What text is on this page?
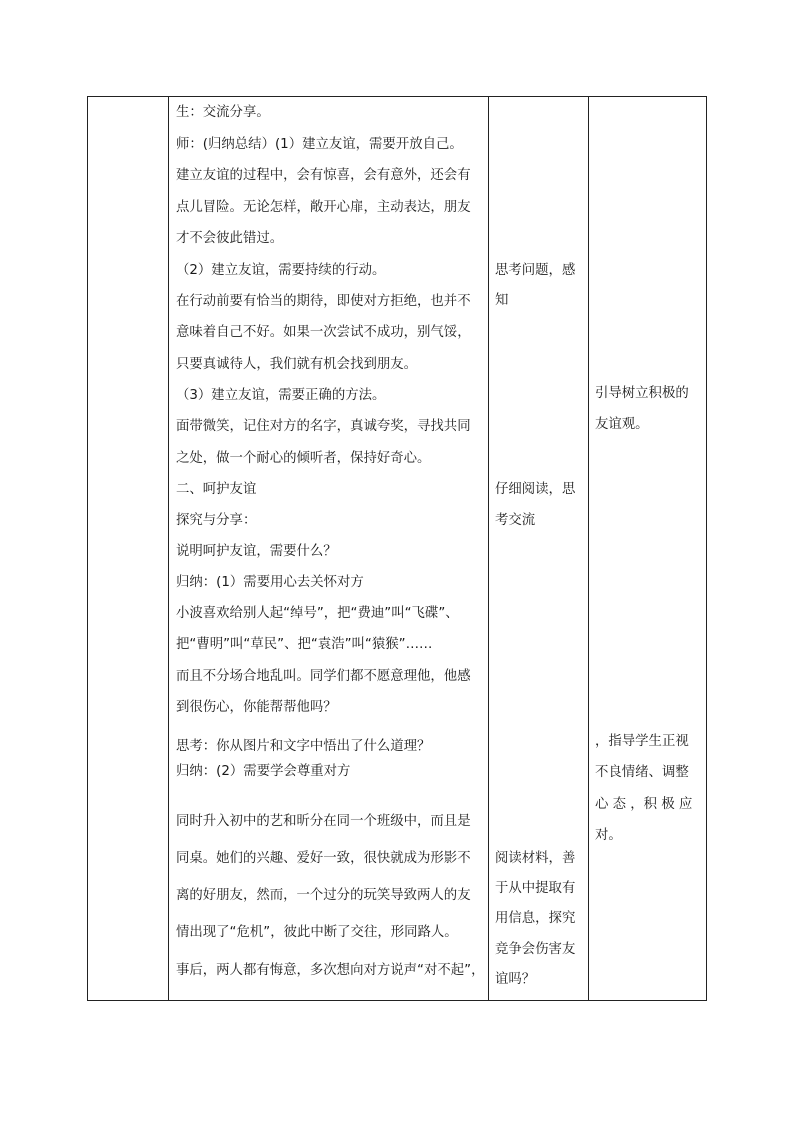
生：交流分享。
师：(归纳总结）(1）建立友谊，需要开放自己。
建立友谊的过程中，会有惊喜，会有意外，还会有
点儿冒险。无论怎样，敞开心扉，主动表达，朋友
才不会彼此错过。
（2）建立友谊，需要持续的行动。
在行动前要有恰当的期待，即使对方拒绝，也并不
意味着自己不好。如果一次尝试不成功，别气馁，
只要真诚待人，我们就有机会找到朋友。
（3）建立友谊，需要正确的方法。
面带微笑，记住对方的名字，真诚夸奖，寻找共同
之处，做一个耐心的倾听者，保持好奇心。
二、呵护友谊
探究与分享：
说明呵护友谊，需要什么？
归纳：(1）需要用心去关怀对方
小波喜欢给别人起“绰号”，把“费迪”叫“飞碟”、
把“曹明”叫“草民”、把“袁浩”叫“猿猴”……
而且不分场合地乱叫。同学们都不愿意理他，他感
到很伤心，你能帮帮他吗？
思考：你从图片和文字中悟出了什么道理？
归纳：(2）需要学会尊重对方
同时升入初中的艺和昕分在同一个班级中，而且是
同桌。她们的兴趣、爱好一致，很快就成为形影不
离的好朋友，然而，一个过分的玩笑导致两人的友
情出现了“危机”，彼此中断了交往，形同路人。
事后，两人都有悔意，多次想向对方说声“对不起”，
思考问题，感
知
仔细阅读，思
考交流
阅读材料，善
于从中提取有
用信息，探究
竞争会伤害友
谊吗？
引导树立积极的
友谊观。
，指导学生正视
不良情绪、调整
心 态 ，积 极 应
对。
